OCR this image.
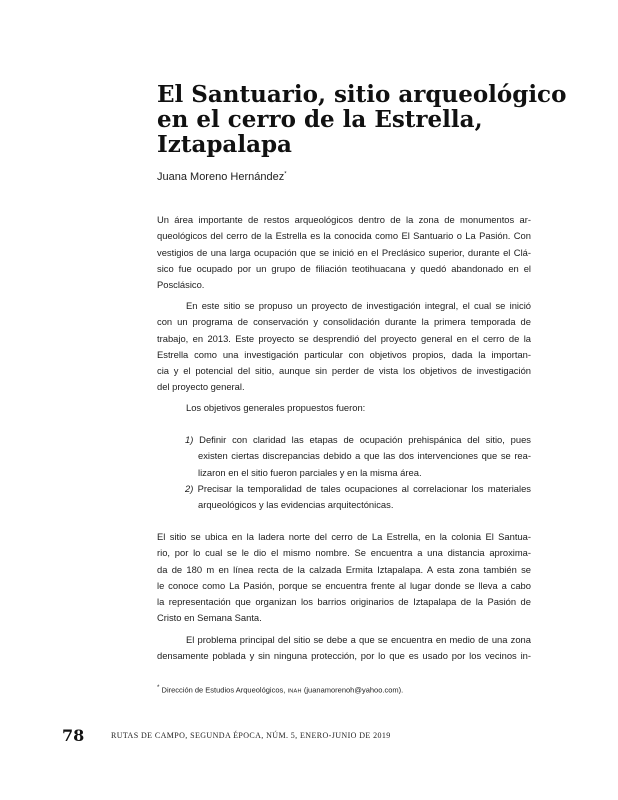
El Santuario, sitio arqueológico
en el cerro de la Estrella,
Iztapalapa

Juana Moreno Hernández*

Un área importante de restos arqueológicos dentro de la zona de monumentos ar-
queológicos del cerro de la Estrella es la conocida como El Santuario o La Pasión. Con
vestigios de una larga ocupación que se inició en el Preclásico superior, durante el Clá-
sico fue ocupado por un grupo de filiación teotihuacana y quedó abandonado en el
Posclásico.

En este sitio se propuso un proyecto de investigación integral, el cual se inició
con un programa de conservación y consolidación durante la primera temporada de
trabajo, en 2013. Este proyecto se desprendió del proyecto general en el cerro de la
Estrella como una investigación particular con objetivos propios, dada la importan-
cia y el potencial del sitio, aunque sin perder de vista los objetivos de investigación
del proyecto general.

Los objetivos generales propuestos fueron:

1) Definir con claridad las etapas de ocupación prehispánica del sitio, pues
existen ciertas discrepancias debido a que las dos intervenciones que se rea-
lizaron en el sitio fueron parciales y en la misma área.

2) Precisar la temporalidad de tales ocupaciones al correlacionar los materiales
arqueológicos y las evidencias arquitectónicas.

El sitio se ubica en la ladera norte del cerro de La Estrella, en la colonia El Santua-
rio, por lo cual se le dio el mismo nombre. Se encuentra a una distancia aproxima-
da de 180 m en línea recta de la calzada Ermita Iztapalapa. A esta zona también se
le conoce como La Pasión, porque se encuentra frente al lugar donde se lleva a cabo
la representación que organizan los barrios originarios de Iztapalapa de la Pasión de
Cristo en Semana Santa.

El problema principal del sitio se debe a que se encuentra en medio de una zona
densamente poblada y sin ninguna protección, por lo que es usado por los vecinos in-

* Dirección de Estudios Arqueológicos, INAH (juanamorenoh@yahoo.com).

78	RUTAS DE CAMPO, SEGUNDA ÉPOCA, NÚM. 5, ENERO-JUNIO DE 2019
